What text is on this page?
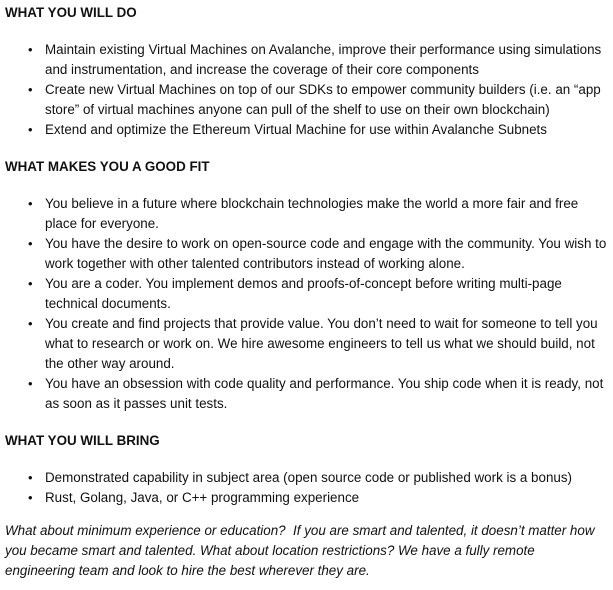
WHAT YOU WILL DO
• Maintain existing Virtual Machines on Avalanche, improve their performance using simulations and instrumentation, and increase the coverage of their core components
• Create new Virtual Machines on top of our SDKs to empower community builders (i.e. an “app store” of virtual machines anyone can pull of the shelf to use on their own blockchain)
• Extend and optimize the Ethereum Virtual Machine for use within Avalanche Subnets
WHAT MAKES YOU A GOOD FIT
• You believe in a future where blockchain technologies make the world a more fair and free place for everyone.
• You have the desire to work on open-source code and engage with the community. You wish to work together with other talented contributors instead of working alone.
• You are a coder. You implement demos and proofs-of-concept before writing multi-page technical documents.
• You create and find projects that provide value. You don’t need to wait for someone to tell you what to research or work on. We hire awesome engineers to tell us what we should build, not the other way around.
• You have an obsession with code quality and performance. You ship code when it is ready, not as soon as it passes unit tests.
WHAT YOU WILL BRING
• Demonstrated capability in subject area (open source code or published work is a bonus)
• Rust, Golang, Java, or C++ programming experience

What about minimum experience or education?  If you are smart and talented, it doesn’t matter how you became smart and talented. What about location restrictions? We have a fully remote engineering team and look to hire the best wherever they are.
